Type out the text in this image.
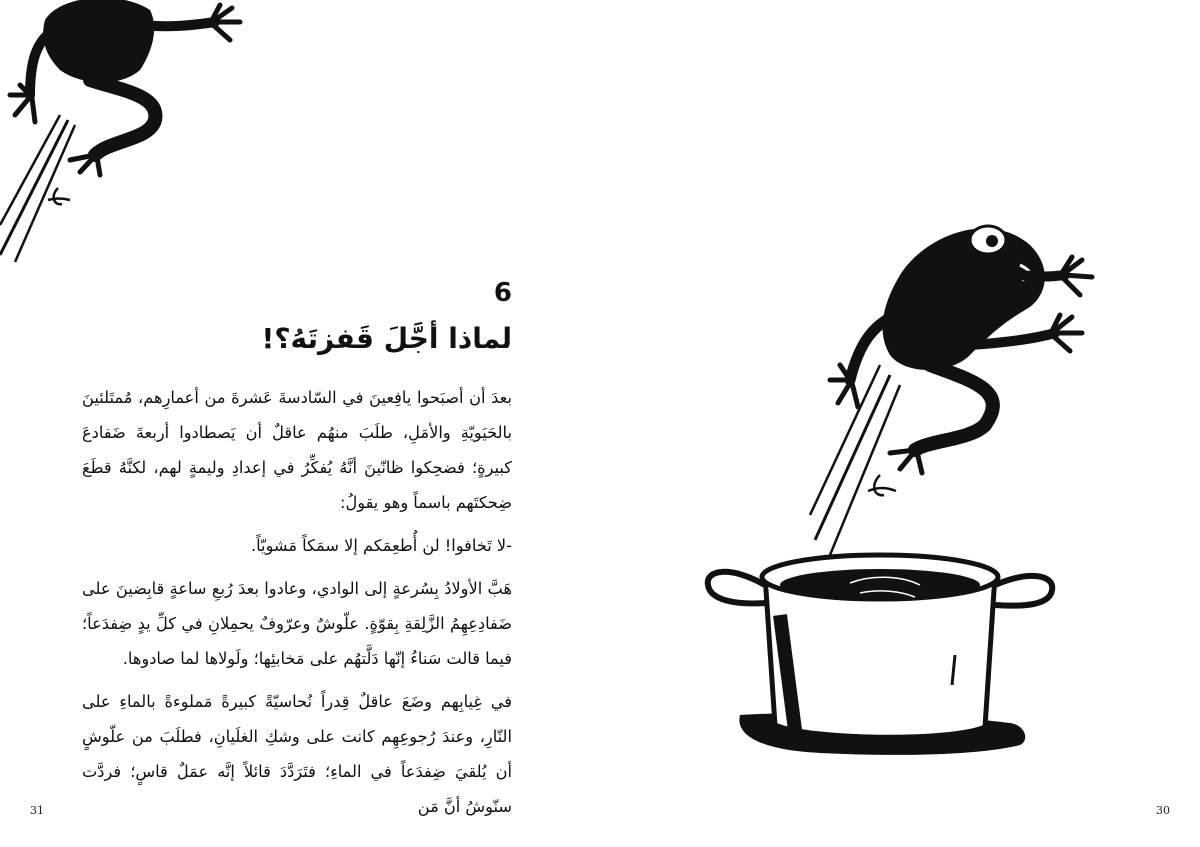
6
لماذا أجَّلَ قَفزتَهُ؟!

بعدَ أن أصبَحوا يافِعينَ في السّادسةَ عَشرةَ من أعمارِهم، مُمتَلئينَ بالحَيَويّةِ والأمَلِ، طلَبَ منهُم عاقلٌ أن يَصطادوا أربعةَ ضَفادعَ كبيرةٍ؛ فضحِكوا ظانّينَ أنَّهُ يُفكِّرُ في إعدادِ وليمةٍ لهم، لكنَّهُ قطَعَ ضِحكتَهم باسماً وهو يقولُ:

-لا تَخافوا! لن أُطعِمَكم إلا سمَكاً مَشويّاً.

هَبَّ الأولادُ بِسُرعةٍ إلى الوادي، وعادوا بعدَ رُبعِ ساعةٍ قابِضينَ على ضَفادِعِهِمُ الزَّلِقةِ بِقوّةٍ. علّوشٌ وعرّوفٌ يحمِلانِ في كلِّ يدٍ ضِفدَعاً؛ فيما قالت سَناءُ إنّها دَلَّتهُم على مَخابئِها؛ ولَولاها لما صادوها.

في غِيابِهم وضَعَ عاقلٌ قِدراً نُحاسيّةً كبيرةً مَملوءةً بالماءِ على النّارِ، وعندَ رُجوعِهِم كانت على وشكِ الغلَيانِ، فطلَبَ من علّوشٍ أن يُلقيَ ضِفدَعاً في الماءِ؛ فتَرَدَّدَ قائلاً إنَّه عمَلٌ قاسٍ؛ فردَّت سنّوشُ أنَّ مَن

31	30
